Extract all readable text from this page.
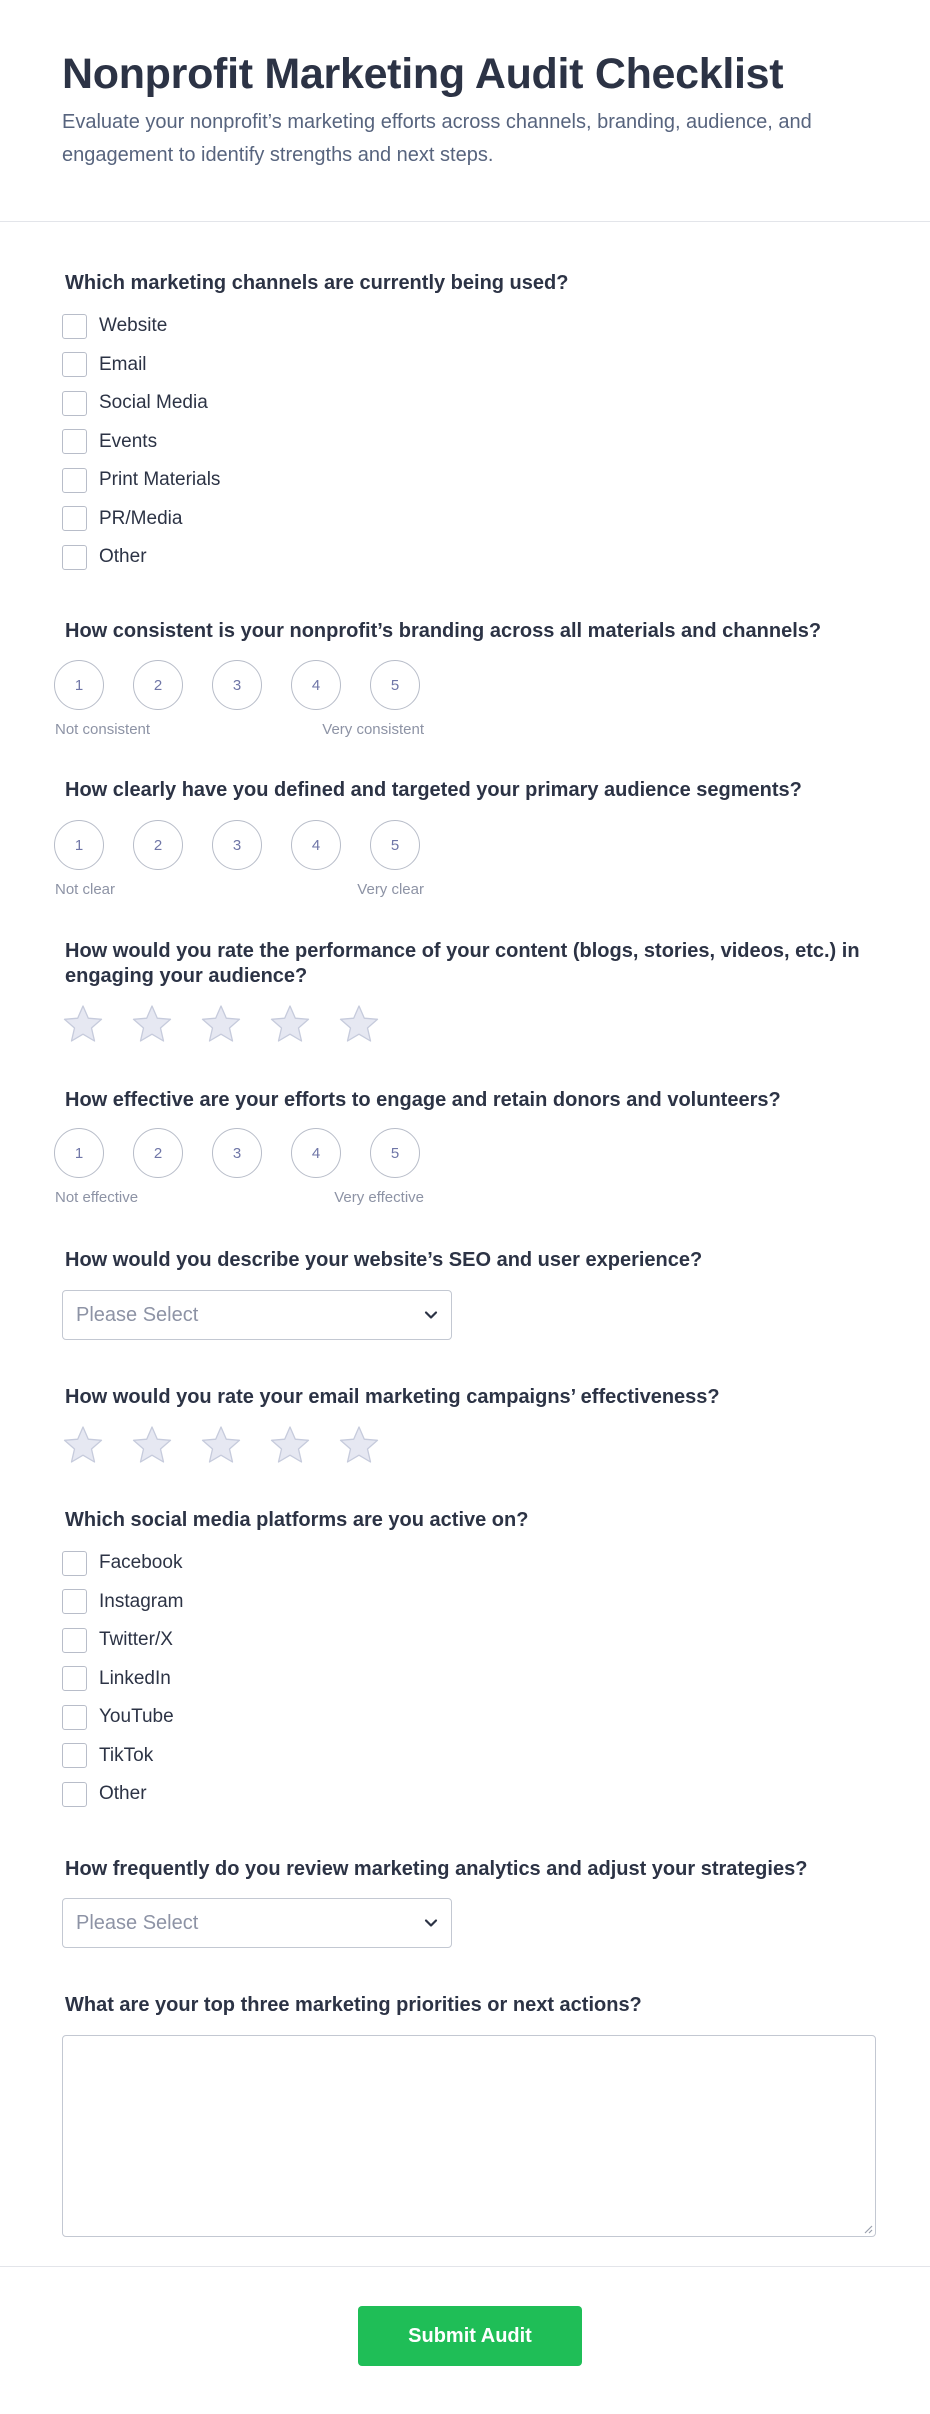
Nonprofit Marketing Audit Checklist

Evaluate your nonprofit’s marketing efforts across channels, branding, audience, and engagement to identify strengths and next steps.

Which marketing channels are currently being used?
Website
Email
Social Media
Events
Print Materials
PR/Media
Other
How consistent is your nonprofit’s branding across all materials and channels?
1	2	3	4	5
Not consistent	Very consistent
How clearly have you defined and targeted your primary audience segments?
1	2	3	4	5
Not clear	Very clear
How would you rate the performance of your content (blogs, stories, videos, etc.) in engaging your audience?
How effective are your efforts to engage and retain donors and volunteers?
1	2	3	4	5
Not effective	Very effective
How would you describe your website’s SEO and user experience?
Please Select
How would you rate your email marketing campaigns’ effectiveness?
Which social media platforms are you active on?
Facebook
Instagram
Twitter/X
LinkedIn
YouTube
TikTok
Other
How frequently do you review marketing analytics and adjust your strategies?
Please Select
What are your top three marketing priorities or next actions?
Submit Audit
